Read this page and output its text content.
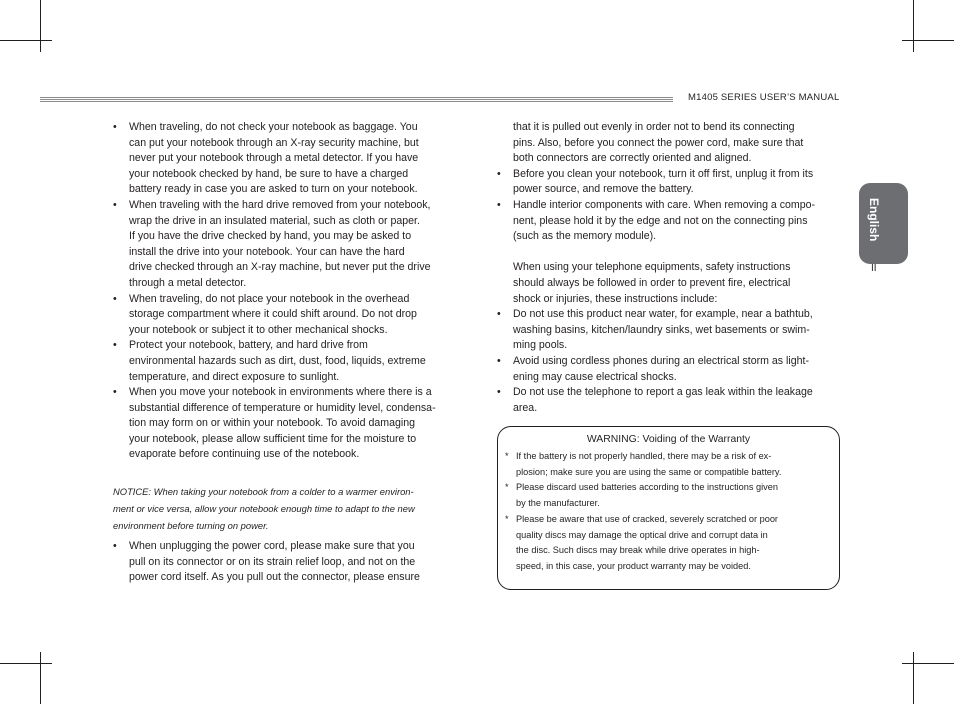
M1405 SERIES USER’S MANUAL
English
II
• When traveling, do not check your notebook as baggage. You
can put your notebook through an X-ray security machine, but
never put your notebook through a metal detector. If you have
your notebook checked by hand, be sure to have a charged
battery ready in case you are asked to turn on your notebook.
• When traveling with the hard drive removed from your notebook,
wrap the drive in an insulated material, such as cloth or paper.
If you have the drive checked by hand, you may be asked to
install the drive into your notebook. Your can have the hard
drive checked through an X-ray machine, but never put the drive
through a metal detector.
• When traveling, do not place your notebook in the overhead
storage compartment where it could shift around. Do not drop
your notebook or subject it to other mechanical shocks.
• Protect your notebook, battery, and hard drive from
environmental hazards such as dirt, dust, food, liquids, extreme
temperature, and direct exposure to sunlight.
• When you move your notebook in environments where there is a
substantial difference of temperature or humidity level, condensa-
tion may form on or within your notebook. To avoid damaging
your notebook, please allow sufficient time for the moisture to
evaporate before continuing use of the notebook.
NOTICE: When taking your notebook from a colder to a warmer environ-
ment or vice versa, allow your notebook enough time to adapt to the new
environment before turning on power.
• When unplugging the power cord, please make sure that you
pull on its connector or on its strain relief loop, and not on the
power cord itself. As you pull out the connector, please ensure
that it is pulled out evenly in order not to bend its connecting
pins. Also, before you connect the power cord, make sure that
both connectors are correctly oriented and aligned.
• Before you clean your notebook, turn it off first, unplug it from its
power source, and remove the battery.
• Handle interior components with care. When removing a compo-
nent, please hold it by the edge and not on the connecting pins
(such as the memory module).
When using your telephone equipments, safety instructions
should always be followed in order to prevent fire, electrical
shock or injuries, these instructions include:
• Do not use this product near water, for example, near a bathtub,
washing basins, kitchen/laundry sinks, wet basements or swim-
ming pools.
• Avoid using cordless phones during an electrical storm as light-
ening may cause electrical shocks.
• Do not use the telephone to report a gas leak within the leakage
area.
WARNING: Voiding of the Warranty
* If the battery is not properly handled, there may be a risk of ex-
plosion; make sure you are using the same or compatible battery.
* Please discard used batteries according to the instructions given
by the manufacturer.
* Please be aware that use of cracked, severely scratched or poor
quality discs may damage the optical drive and corrupt data in
the disc. Such discs may break while drive operates in high-
speed, in this case, your product warranty may be voided.
